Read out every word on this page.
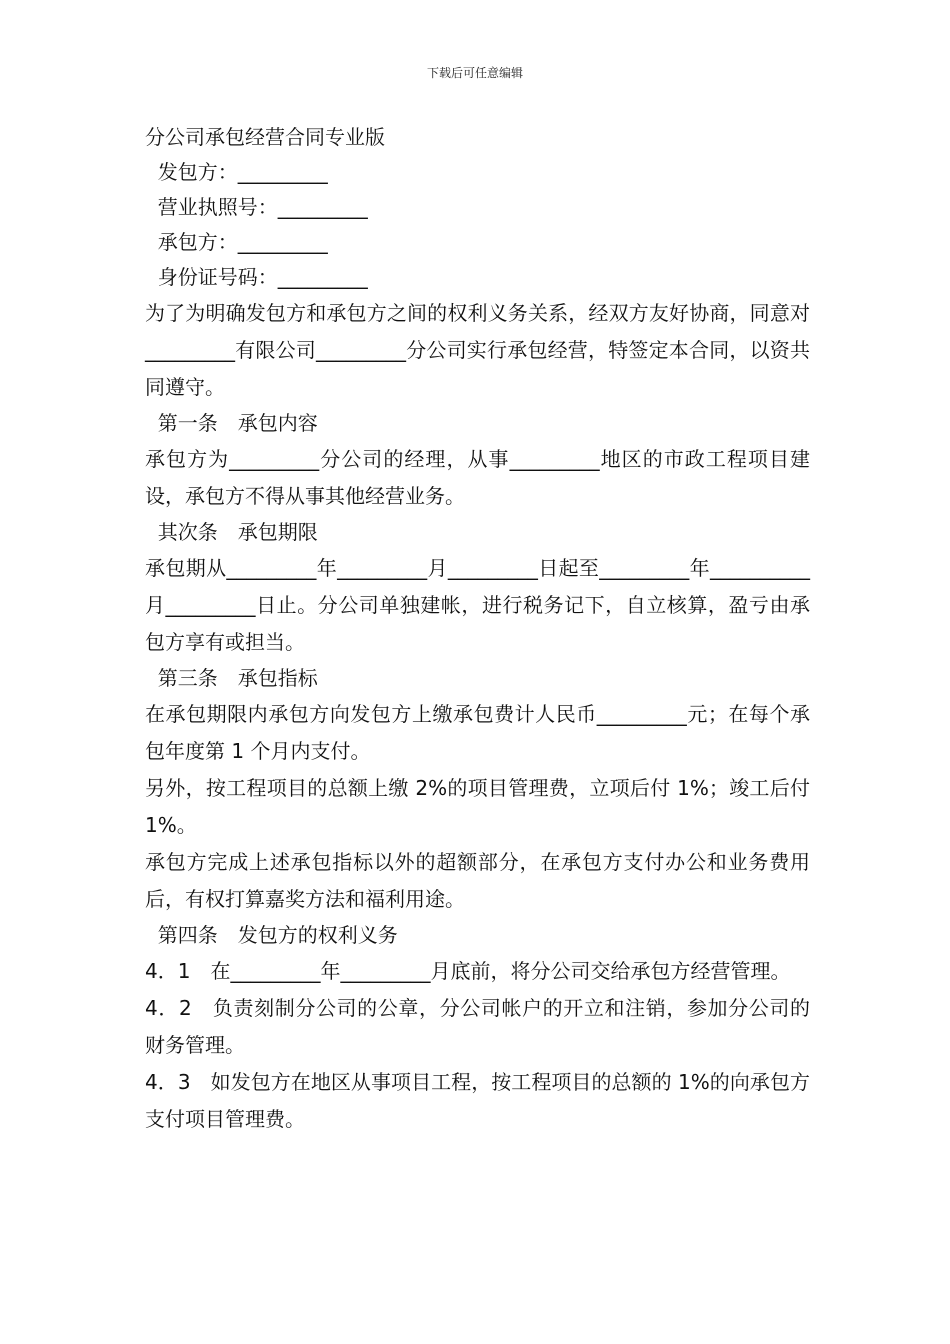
下载后可任意编辑

分公司承包经营合同专业版

发包方：_________

营业执照号：_________

承包方：_________

身份证号码：_________

为了为明确发包方和承包方之间的权利义务关系，经双方友好协商，同意对_________有限公司_________分公司实行承包经营，特签定本合同，以资共同遵守。

第一条　承包内容

承包方为_________分公司的经理，从事_________地区的市政工程项目建设，承包方不得从事其他经营业务。

其次条　承包期限

承包期从_________年_________月_________日起至_________年__________月_________日止。分公司单独建帐，进行税务记下，自立核算，盈亏由承包方享有或担当。

第三条　承包指标

在承包期限内承包方向发包方上缴承包费计人民币_________元；在每个承包年度第 1 个月内支付。

另外，按工程项目的总额上缴 2%的项目管理费，立项后付 1%；竣工后付 1%。

承包方完成上述承包指标以外的超额部分，在承包方支付办公和业务费用后，有权打算嘉奖方法和福利用途。

第四条　发包方的权利义务

4．1　在_________年_________月底前，将分公司交给承包方经营管理。

4．2　负责刻制分公司的公章，分公司帐户的开立和注销，参加分公司的财务管理。

4．3　如发包方在地区从事项目工程，按工程项目的总额的 1%的向承包方支付项目管理费。
